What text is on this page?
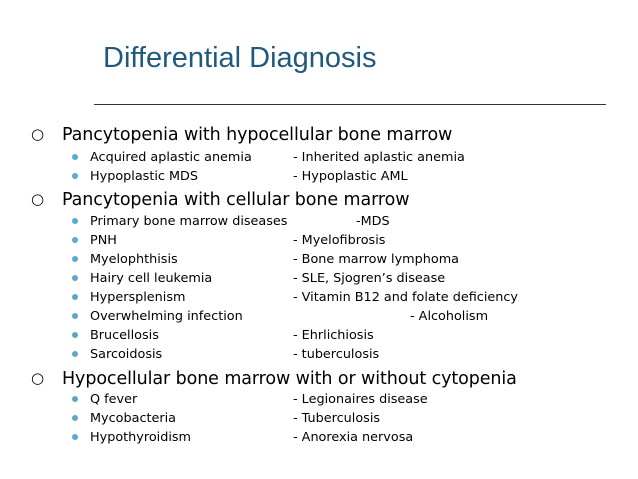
Differential Diagnosis
○ Pancytopenia with hypocellular bone marrow
Acquired aplastic anemia	- Inherited aplastic anemia
Hypoplastic MDS	- Hypoplastic AML
○ Pancytopenia with cellular bone marrow
Primary bone marrow diseases	-MDS
PNH	- Myelofibrosis
Myelophthisis	- Bone marrow lymphoma
Hairy cell leukemia	- SLE, Sjogren’s disease
Hypersplenism	- Vitamin B12 and folate deficiency
Overwhelming infection	- Alcoholism
Brucellosis	- Ehrlichiosis
Sarcoidosis	- tuberculosis
○ Hypocellular bone marrow with or without cytopenia
Q fever	- Legionaires disease
Mycobacteria	- Tuberculosis
Hypothyroidism	- Anorexia nervosa
